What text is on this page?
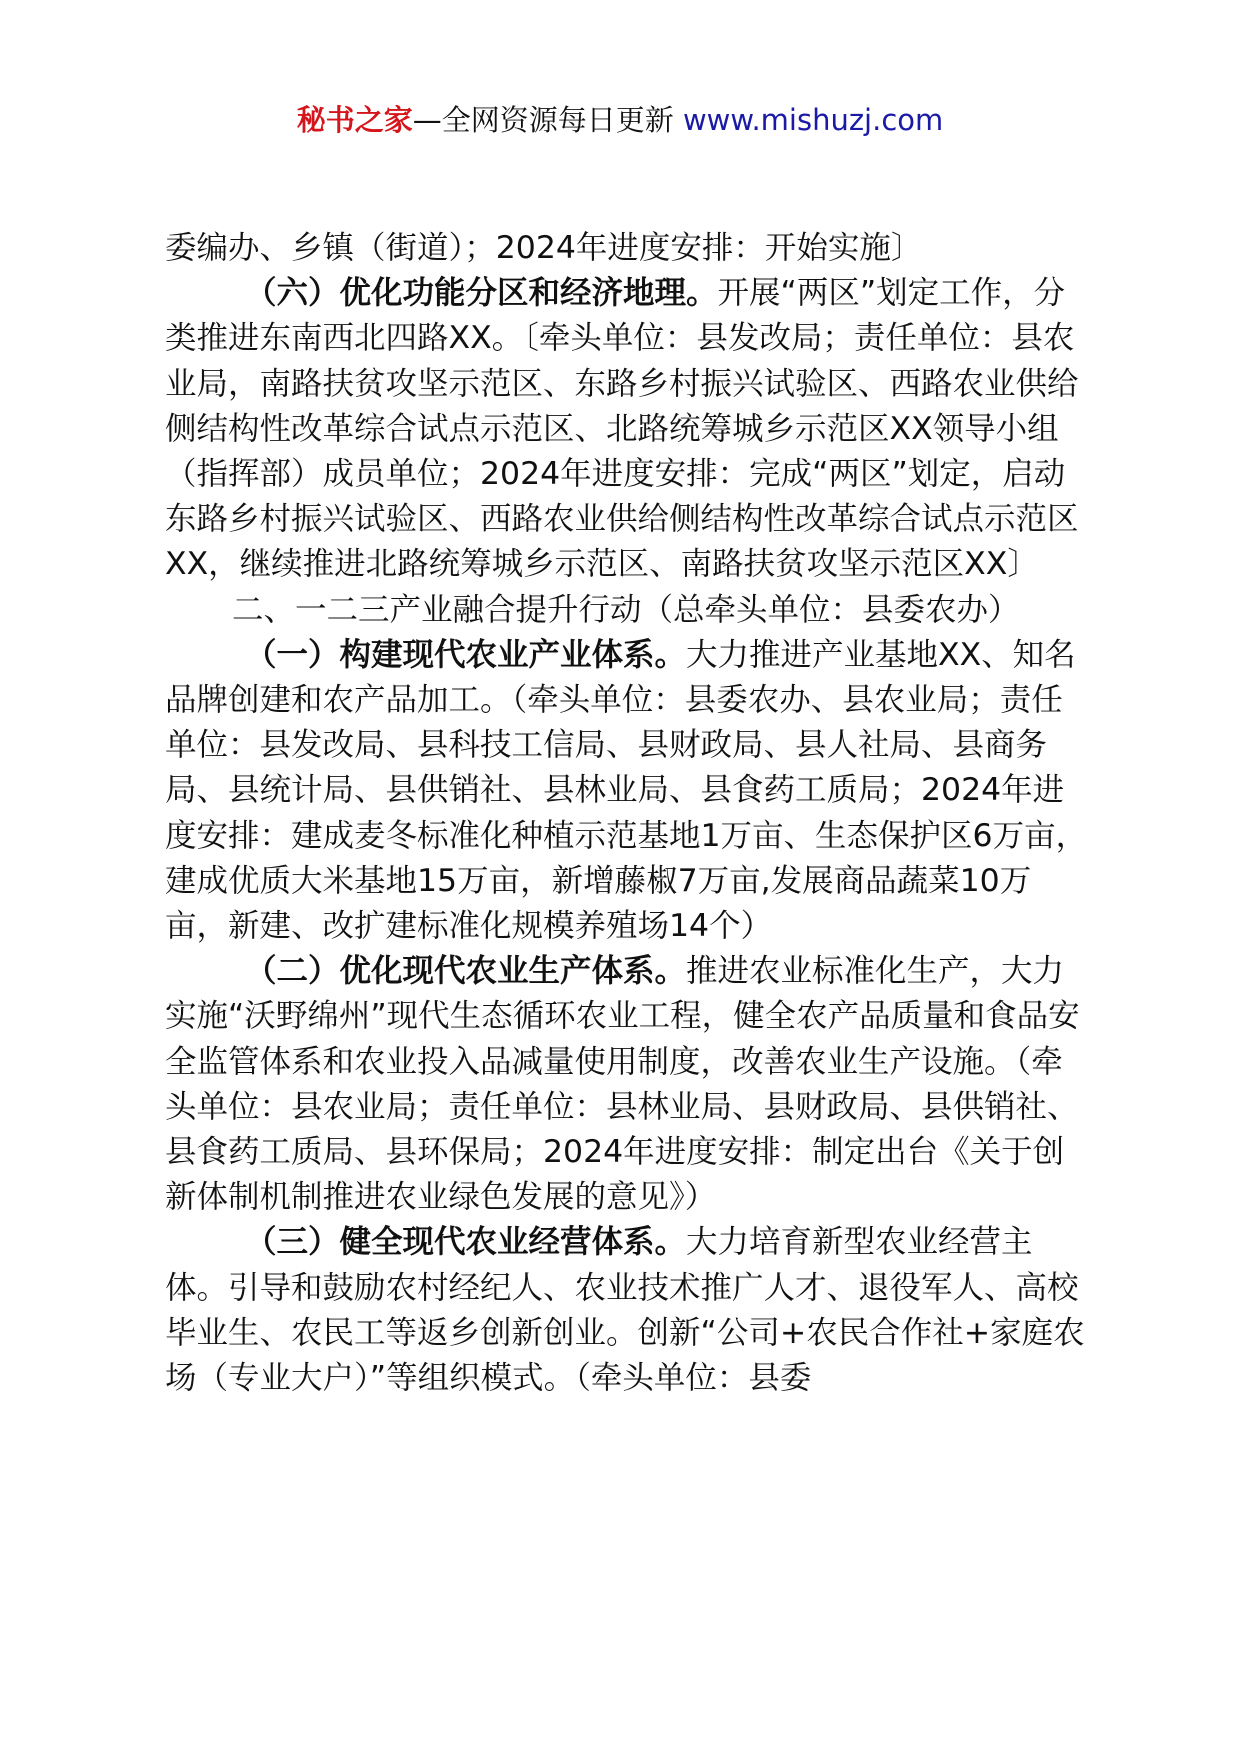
秘书之家—全网资源每日更新 www.mishuzj.com

委编办、乡镇（街道）；2024年进度安排：开始实施〕

（六）优化功能分区和经济地理。开展“两区”划定工作，分类推进东南西北四路XX。〔牵头单位：县发改局；责任单位：县农业局，南路扶贫攻坚示范区、东路乡村振兴试验区、西路农业供给侧结构性改革综合试点示范区、北路统筹城乡示范区XX领导小组（指挥部）成员单位；2024年进度安排：完成“两区”划定，启动东路乡村振兴试验区、西路农业供给侧结构性改革综合试点示范区XX，继续推进北路统筹城乡示范区、南路扶贫攻坚示范区XX〕

二、一二三产业融合提升行动（总牵头单位：县委农办）

（一）构建现代农业产业体系。大力推进产业基地XX、知名品牌创建和农产品加工。（牵头单位：县委农办、县农业局；责任单位：县发改局、县科技工信局、县财政局、县人社局、县商务局、县统计局、县供销社、县林业局、县食药工质局；2024年进度安排：建成麦冬标准化种植示范基地1万亩、生态保护区6万亩，建成优质大米基地15万亩，新增藤椒7万亩,发展商品蔬菜10万亩，新建、改扩建标准化规模养殖场14个）

（二）优化现代农业生产体系。推进农业标准化生产，大力实施“沃野绵州”现代生态循环农业工程，健全农产品质量和食品安全监管体系和农业投入品减量使用制度，改善农业生产设施。（牵头单位：县农业局；责任单位：县林业局、县财政局、县供销社、县食药工质局、县环保局；2024年进度安排：制定出台《关于创新体制机制推进农业绿色发展的意见》）

（三）健全现代农业经营体系。大力培育新型农业经营主体。引导和鼓励农村经纪人、农业技术推广人才、退役军人、高校毕业生、农民工等返乡创新创业。创新“公司+农民合作社+家庭农场（专业大户）”等组织模式。（牵头单位：县委
